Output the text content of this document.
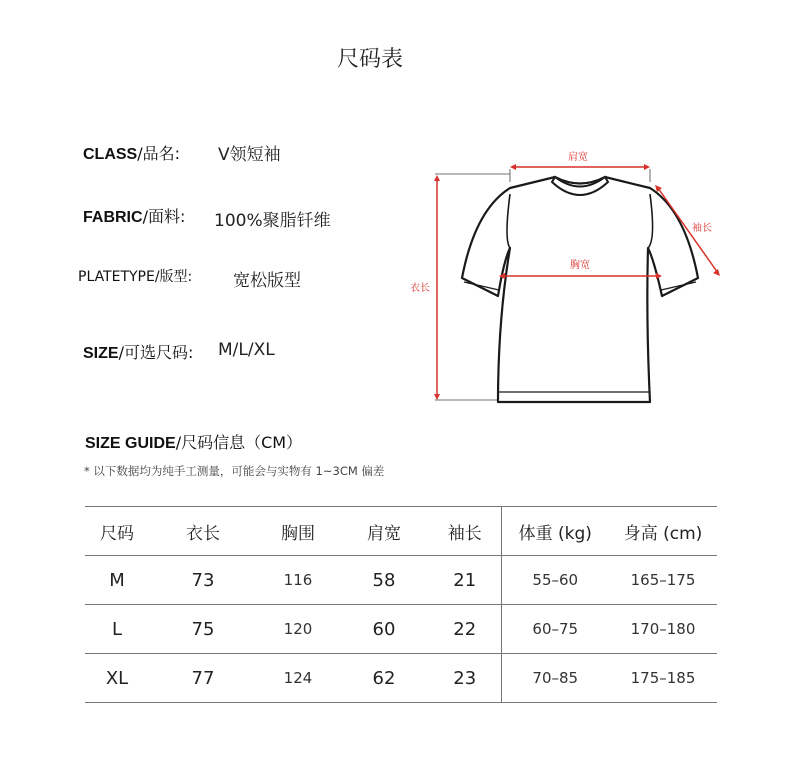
尺码表
CLASS/品名: V领短袖
FABRIC/面料: 100%聚脂钎维
PLATETYPE/版型: 宽松版型
SIZE/可选尺码: M/L/XL
肩宽
袖长
胸宽
衣长
SIZE GUIDE/尺码信息（CM）
* 以下数据均为纯手工测量，可能会与实物有 1~3CM 偏差
尺码	衣长	胸围	肩宽	袖长	体重 (kg)	身高 (cm)
M	73	116	58	21	55–60	165–175
L	75	120	60	22	60–75	170–180
XL	77	124	62	23	70–85	175–185
